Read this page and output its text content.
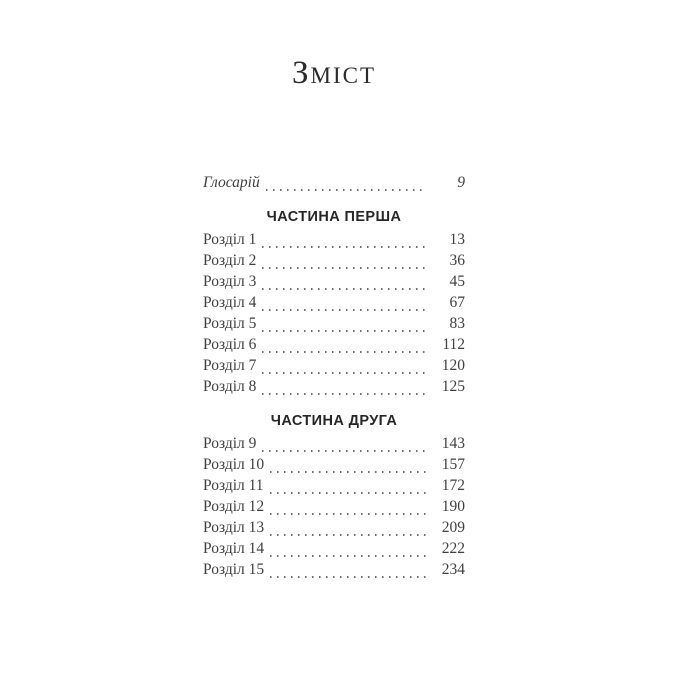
Зміст
Глосарій	9
ЧАСТИНА ПЕРША
Розділ 1	13
Розділ 2	36
Розділ 3	45
Розділ 4	67
Розділ 5	83
Розділ 6	112
Розділ 7	120
Розділ 8	125
ЧАСТИНА ДРУГА
Розділ 9	143
Розділ 10	157
Розділ 11	172
Розділ 12	190
Розділ 13	209
Розділ 14	222
Розділ 15	234
